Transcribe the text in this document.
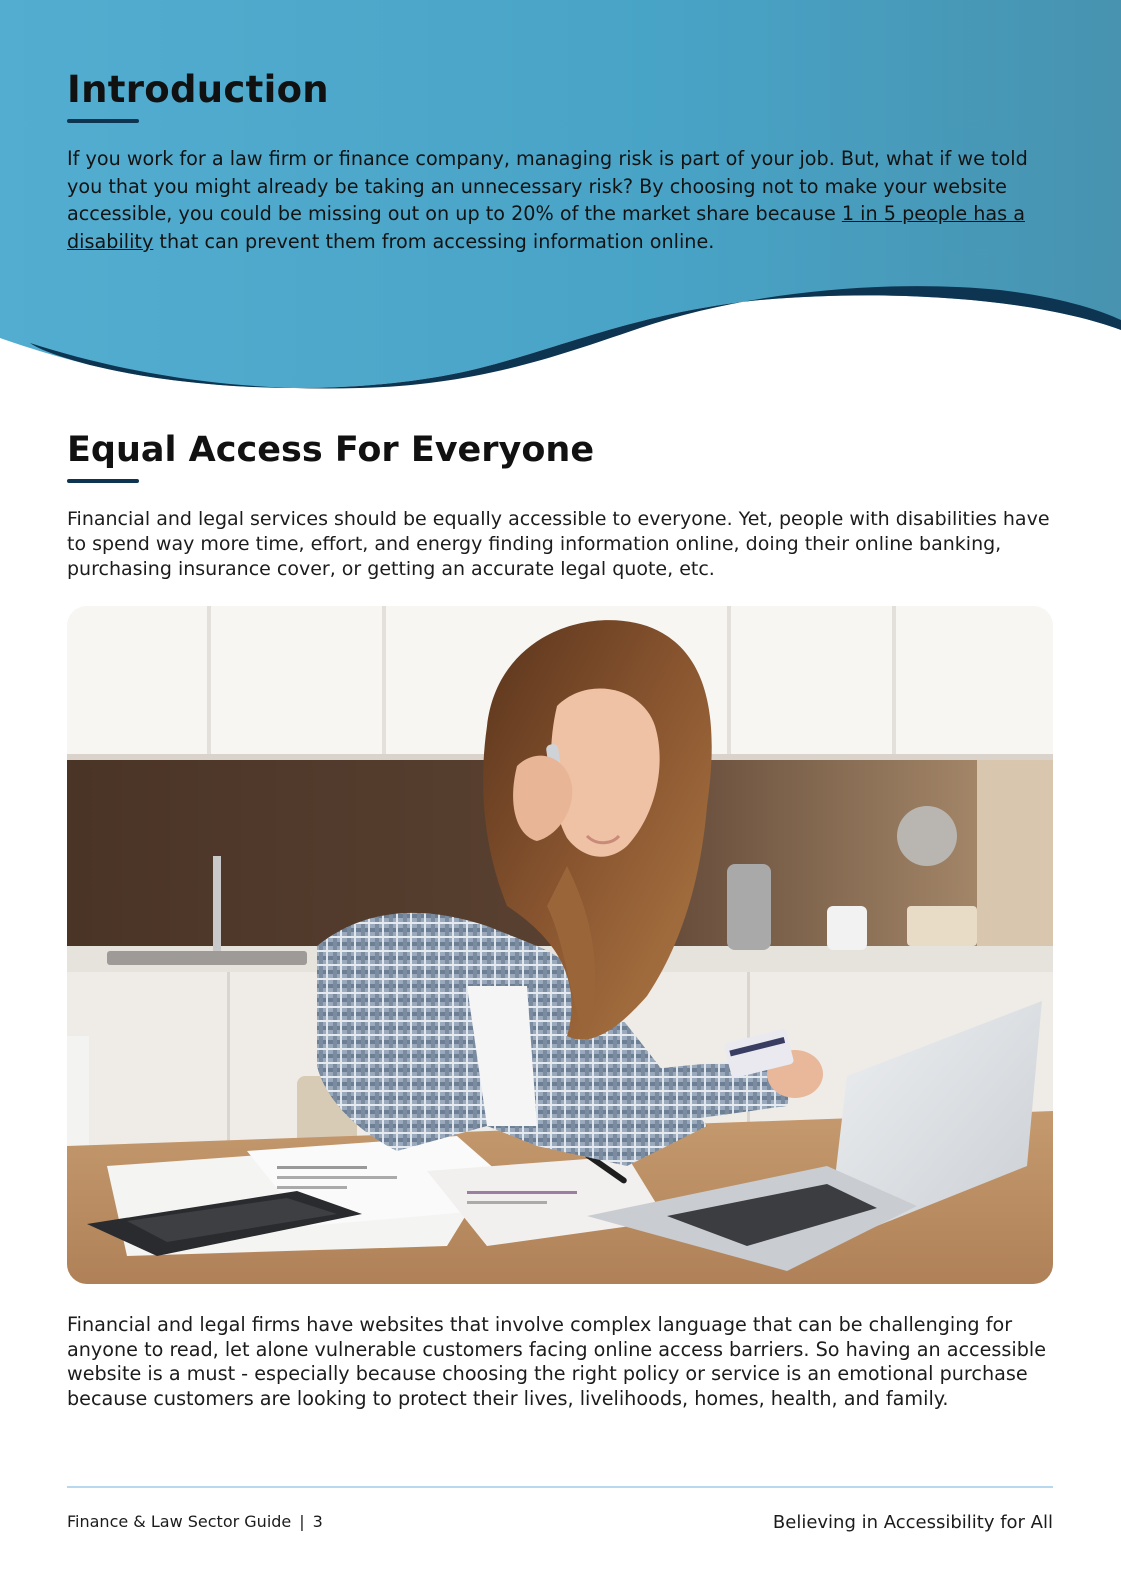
Introduction

If you work for a law firm or finance company, managing risk is part of your job. But, what if we told you that you might already be taking an unnecessary risk? By choosing not to make your website accessible, you could be missing out on up to 20% of the market share because 1 in 5 people has a disability that can prevent them from accessing information online.

Equal Access For Everyone

Financial and legal services should be equally accessible to everyone. Yet, people with disabilities have to spend way more time, effort, and energy finding information online, doing their online banking, purchasing insurance cover, or getting an accurate legal quote, etc.

Financial and legal firms have websites that involve complex language that can be challenging for anyone to read, let alone vulnerable customers facing online access barriers. So having an accessible website is a must - especially because choosing the right policy or service is an emotional purchase because customers are looking to protect their lives, livelihoods, homes, health, and family.

Finance & Law Sector Guide | 3	Believing in Accessibility for All
